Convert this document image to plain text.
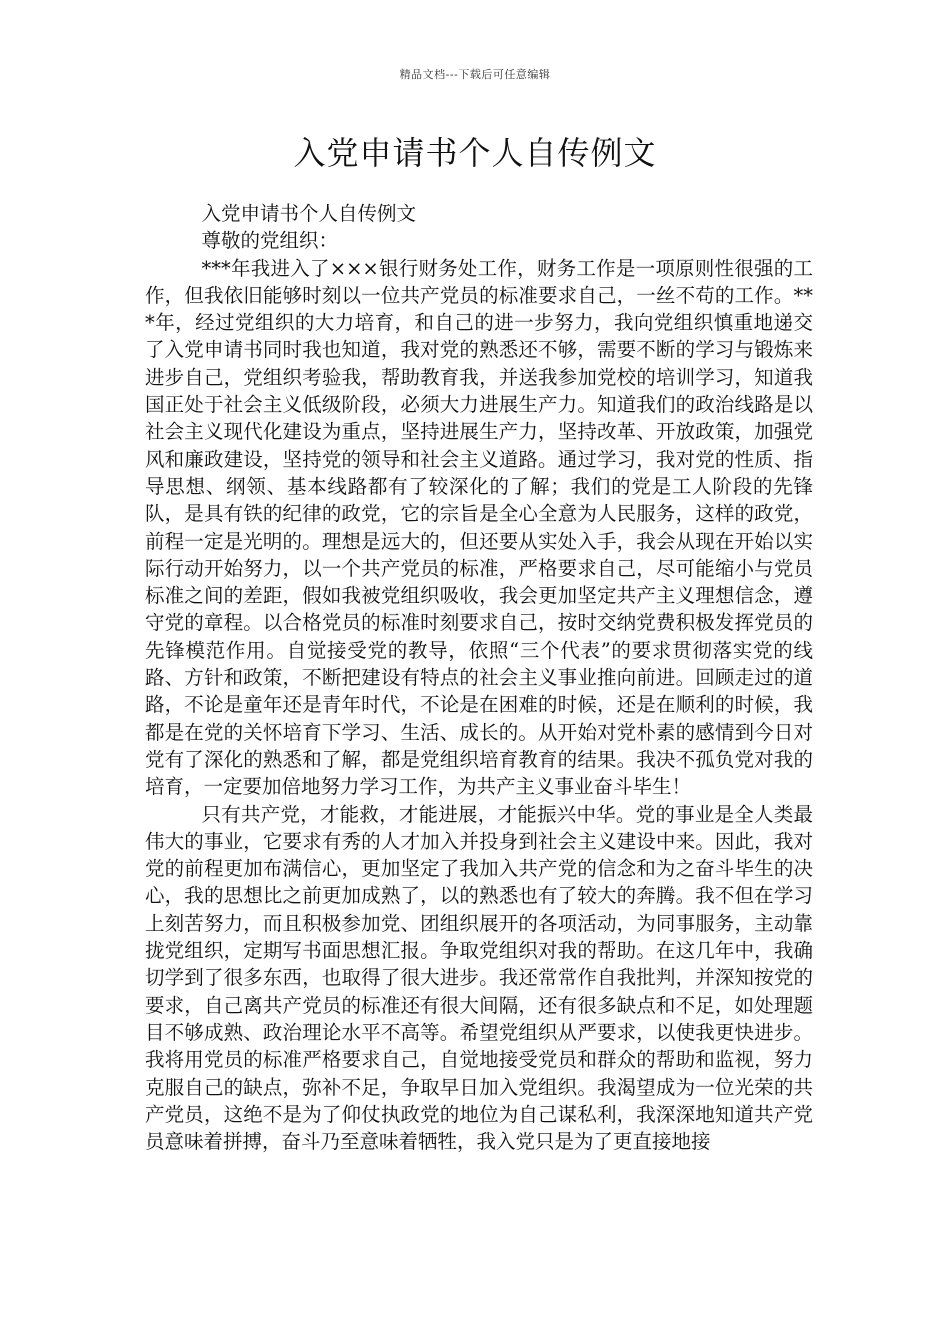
精品文档---下载后可任意编辑
入党申请书个人自传例文

入党申请书个人自传例文

尊敬的党组织：

***年我进入了×××银行财务处工作，财务工作是一项原则性很强的工作，但我依旧能够时刻以一位共产党员的标准要求自己，一丝不苟的工作。***年，经过党组织的大力培育，和自己的进一步努力，我向党组织慎重地递交了入党申请书同时我也知道，我对党的熟悉还不够，需要不断的学习与锻炼来进步自己，党组织考验我，帮助教育我，并送我参加党校的培训学习，知道我国正处于社会主义低级阶段，必须大力进展生产力。知道我们的政治线路是以社会主义现代化建设为重点，坚持进展生产力，坚持改革、开放政策，加强党风和廉政建设，坚持党的领导和社会主义道路。通过学习，我对党的性质、指导思想、纲领、基本线路都有了较深化的了解；我们的党是工人阶段的先锋队，是具有铁的纪律的政党，它的宗旨是全心全意为人民服务，这样的政党，前程一定是光明的。理想是远大的，但还要从实处入手，我会从现在开始以实际行动开始努力，以一个共产党员的标准，严格要求自己，尽可能缩小与党员标准之间的差距，假如我被党组织吸收，我会更加坚定共产主义理想信念，遵守党的章程。以合格党员的标准时刻要求自己，按时交纳党费积极发挥党员的先锋模范作用。自觉接受党的教导，依照“三个代表”的要求贯彻落实党的线路、方针和政策，不断把建设有特点的社会主义事业推向前进。回顾走过的道路，不论是童年还是青年时代，不论是在困难的时候，还是在顺利的时候，我都是在党的关怀培育下学习、生活、成长的。从开始对党朴素的感情到今日对党有了深化的熟悉和了解，都是党组织培育教育的结果。我决不孤负党对我的培育，一定要加倍地努力学习工作，为共产主义事业奋斗毕生！

只有共产党，才能救，才能进展，才能振兴中华。党的事业是全人类最伟大的事业，它要求有秀的人才加入并投身到社会主义建设中来。因此，我对党的前程更加布满信心，更加坚定了我加入共产党的信念和为之奋斗毕生的决心，我的思想比之前更加成熟了，以的熟悉也有了较大的奔腾。我不但在学习上刻苦努力，而且积极参加党、团组织展开的各项活动，为同事服务，主动靠拢党组织，定期写书面思想汇报。争取党组织对我的帮助。在这几年中，我确切学到了很多东西，也取得了很大进步。我还常常作自我批判，并深知按党的要求，自己离共产党员的标准还有很大间隔，还有很多缺点和不足，如处理题目不够成熟、政治理论水平不高等。希望党组织从严要求，以使我更快进步。我将用党员的标准严格要求自己，自觉地接受党员和群众的帮助和监视，努力克服自己的缺点，弥补不足，争取早日加入党组织。我渴望成为一位光荣的共产党员，这绝不是为了仰仗执政党的地位为自己谋私利，我深深地知道共产党员意味着拼搏，奋斗乃至意味着牺牲，我入党只是为了更直接地接
